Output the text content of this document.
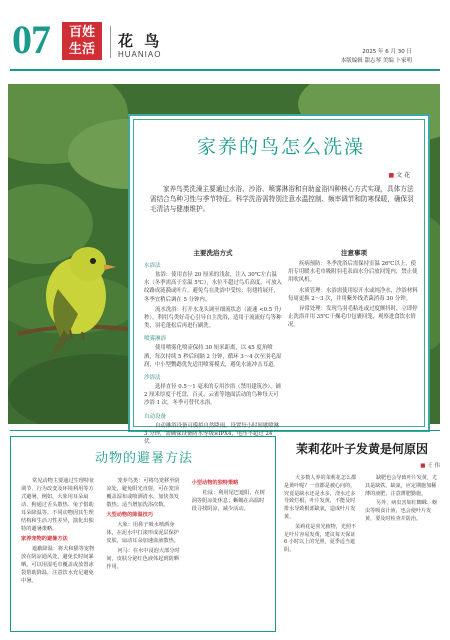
07	百姓
生活	花 鸟
HUANIAO	2025 年 6 月 30 日
本版编辑 甜志琴 美编 卜家明
家养的鸟怎么洗澡
■ 文 花
家养鸟类洗澡主要通过水浴、沙浴、喷雾淋浴和自助盆浴四种核心方式实现，具体方法需结合鸟种习性与季节特征。科学洗浴需特别注意水温控制、频率调节和防寒保暖，确保羽毛清洁与健康维护。
主要洗浴方式
水浴法
盆浴：使用直径 20 厘米的浅盆，注入 30℃左右温水（冬季需高于室温 5℃），水位不超过鸟爪高度，可放入纹路成涟漪或叶片，避免鸟在洗浴中受惊；羽翅将展开，冬季宜稍后调在 5 分钟内。
流水洗浴：打开水龙头调至细流状态（流速 <0.5 升/秒），利用鸟类好奇心引导自主洗浴，适用于流流好鸟等种类，羽毛蓬松后再进行刷洗。
喷雾淋浴
使用喷雾化喷壶保持 30 厘米距离，以 45 度角喷洒，每次持续 5 秒后间隔 2 分钟，循环 3～4 次至羽毛湿润，中小型鹦鹉优先适用喷雾模式，避免水流冲击耳道。
沙浴法
选择直径 0.5～1 毫米的专用沙浴（禁用建筑沙），铺 2 厘米厚度于托盘，百灵、云雀等地面活动的鸟种每天可沙浴 1 次，冬季可替代水浴。
自动设备
自动淋浴设备可模拟自然降雨，设置每小时间歇喷淋 3 分钟，需确保设备防水等级≥IPX4，电压不超过 24 伏。
注意事项
疾病预防：冬季洗浴后需保持室温 26℃以上，使用专用暖水毛巾吸附羽毛表面水分后放回笼内，禁止使用吹风机。
水质管理：水浴需使用原开水或纯净水，沙浴材料每周更换 2～3 次，并用紫外线杀菌消毒 30 分钟。
异常处理：发现鸟羽毛粘连或过度颤抖时，立即停止洗浴并用 35℃干燥毛巾包裹回笼，观察进食饮水情况。
动物的避暑方法
常见动物主要通过生理特征调节、行为改变及环境利用等方式避暑。例如，大象用耳朵扇动、狗通过舌头散热、兔子借助耳朵降温等。不同动物因其生理结构和生活习性差异，演化出独特的避暑策略。
家养宠物的避暑方法
遮蔽降温：将犬和猫等宠物放在阴凉通风处，避免长时间暴晒。可以用湿毛巾覆盖或放置冰袋帮助降温，注意饮水充足避免中暑。
笼养鸟类：可将鸟笼移至阴凉处，避免阳光直射，可在笼顶覆盖湿布或喷洒清水，加快蒸发散热；适当增加洗浴次数。
大型动物的降温技巧
大象：用鼻子吸水喷洒身体，在泥水中打滚形成泥层保护皮肤，扇动耳朵加速血液散热。
河马：在水中浸泡大部分时间，皮肤分泌红色液体起到防晒作用。
小型动物的独特策略
松鼠：利用尾巴遮阳，在树洞等阴凉处休息；蜥蜴在高温时段寻找阴凉，减少活动。
茉莉花叶子发黄是何原因
■ 王 伟
大多数人养的茉莉花怎么都是黄叶呢？一直都是被心问的，究竟是缺水还是水多，浇水过多导致烂根，叶片发黄，不能及时排水导致根部缺氧，造成叶片发黄。
茉莉花是喜光植物，光照不足叶片容易发黄，建议每天保证 6 小时以上的光照，夏季适当遮阴。
缺肥也会导致叶片发黄，尤其是缺铁、缺氮，应定期施加稀薄的液肥，注意薄肥勤施。
另外，病虫害如红蜘蛛、蚜虫等吸食汁液，也会使叶片发黄，要及时检查并防治。
